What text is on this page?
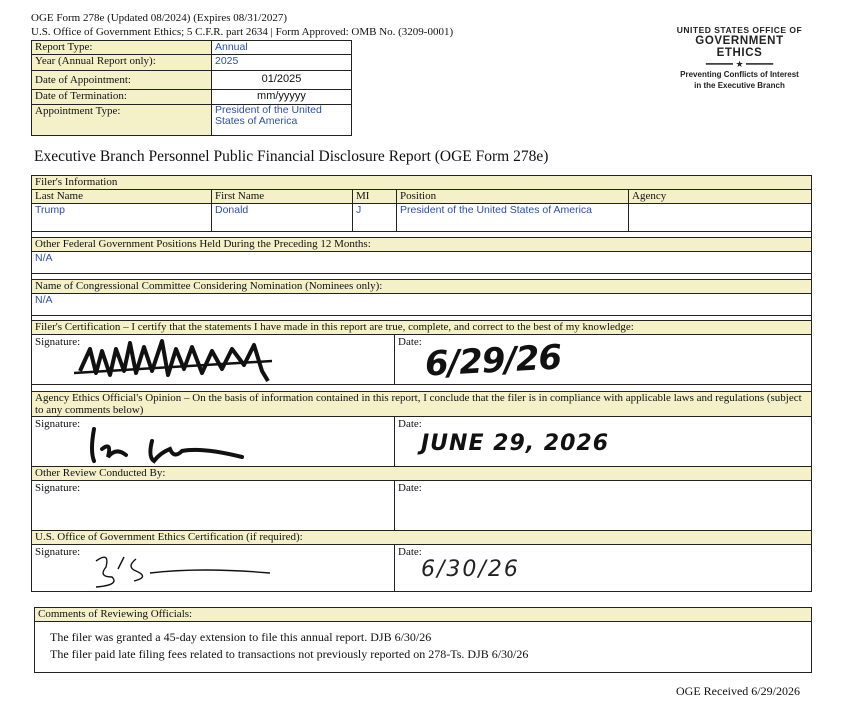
OGE Form 278e (Updated 08/2024) (Expires 08/31/2027)
U.S. Office of Government Ethics; 5 C.F.R. part 2634 | Form Approved: OMB No. (3209-0001)
Report Type:	Annual
Year (Annual Report only):	2025
Date of Appointment:	01/2025
Date of Termination:	mm/yyyyy
Appointment Type:	President of the United States of America
UNITED STATES OFFICE OF
GOVERNMENT ETHICS
━━━━━ ★ ━━━━━
Preventing Conflicts of Interest
in the Executive Branch
Executive Branch Personnel Public Financial Disclosure Report (OGE Form 278e)
Filer's Information
Last Name	First Name	MI	Position	Agency
Trump	Donald	J	President of the United States of America
Other Federal Government Positions Held During the Preceding 12 Months:
N/A
Name of Congressional Committee Considering Nomination (Nominees only):
N/A
Filer's Certification – I certify that the statements I have made in this report are true, complete, and correct to the best of my knowledge:
Signature:	Date: 6/29/26
Agency Ethics Official's Opinion – On the basis of information contained in this report, I conclude that the filer is in compliance with applicable laws and regulations (subject to any comments below)
Signature:	Date:
JUNE 29, 2026
Other Review Conducted By:
Signature:	Date:
U.S. Office of Government Ethics Certification (if required):
Signature:	Date:
6/30/26
Comments of Reviewing Officials:
The filer was granted a 45-day extension to file this annual report. DJB 6/30/26
The filer paid late filing fees related to transactions not previously reported on 278-Ts. DJB 6/30/26
OGE Received 6/29/2026
